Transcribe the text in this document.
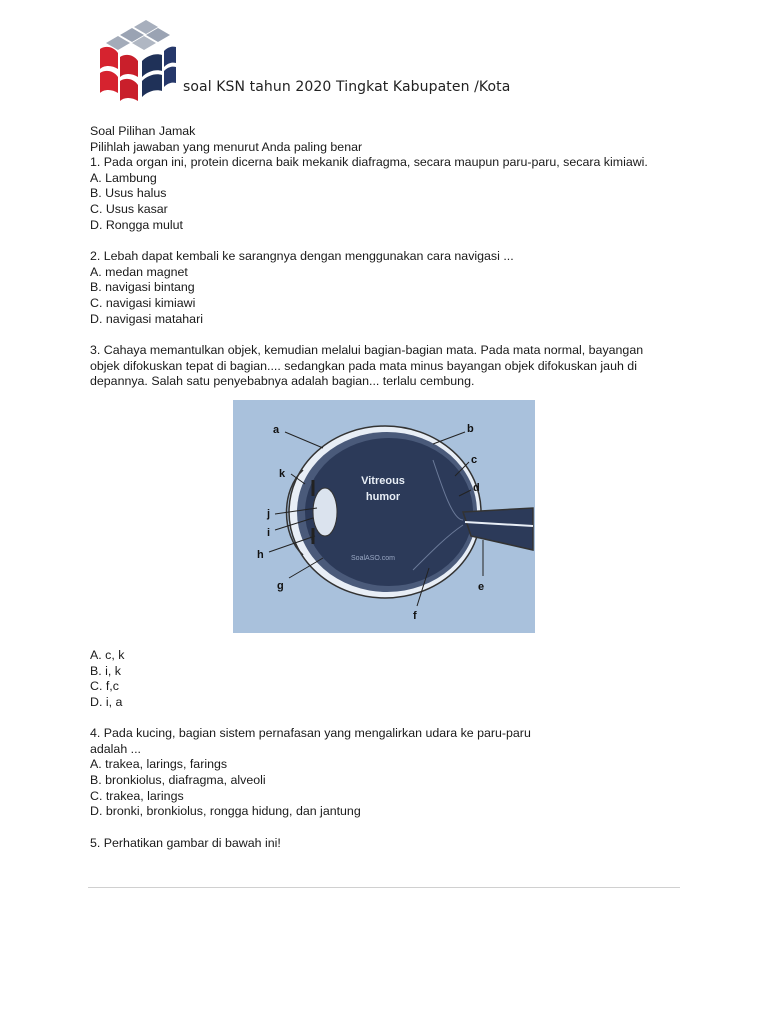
soal KSN tahun 2020 Tingkat Kabupaten /Kota
Soal Pilihan Jamak
Pilihlah jawaban yang menurut Anda paling benar
1. Pada organ ini, protein dicerna baik mekanik diafragma, secara maupun paru-paru, secara kimiawi.
A. Lambung
B. Usus halus
C. Usus kasar
D. Rongga mulut
2. Lebah dapat kembali ke sarangnya dengan menggunakan cara navigasi ...
A. medan magnet
B. navigasi bintang
C. navigasi kimiawi
D. navigasi matahari
3. Cahaya memantulkan objek, kemudian melalui bagian-bagian mata. Pada mata normal, bayangan objek difokuskan tepat di bagian.... sedangkan pada mata minus bayangan objek difokuskan jauh di depannya. Salah satu penyebabnya adalah bagian... terlalu cembung.
Vitreous
humor
SoalASO.com
a	b
c
d
e
f
g
h
i
j
k
A. c, k
B. i, k
C. f,c
D. i, a
4. Pada kucing, bagian sistem pernafasan yang mengalirkan udara ke paru-paru adalah ...
A. trakea, larings, farings
B. bronkiolus, diafragma, alveoli
C. trakea, larings
D. bronki, bronkiolus, rongga hidung, dan jantung
5. Perhatikan gambar di bawah ini!
